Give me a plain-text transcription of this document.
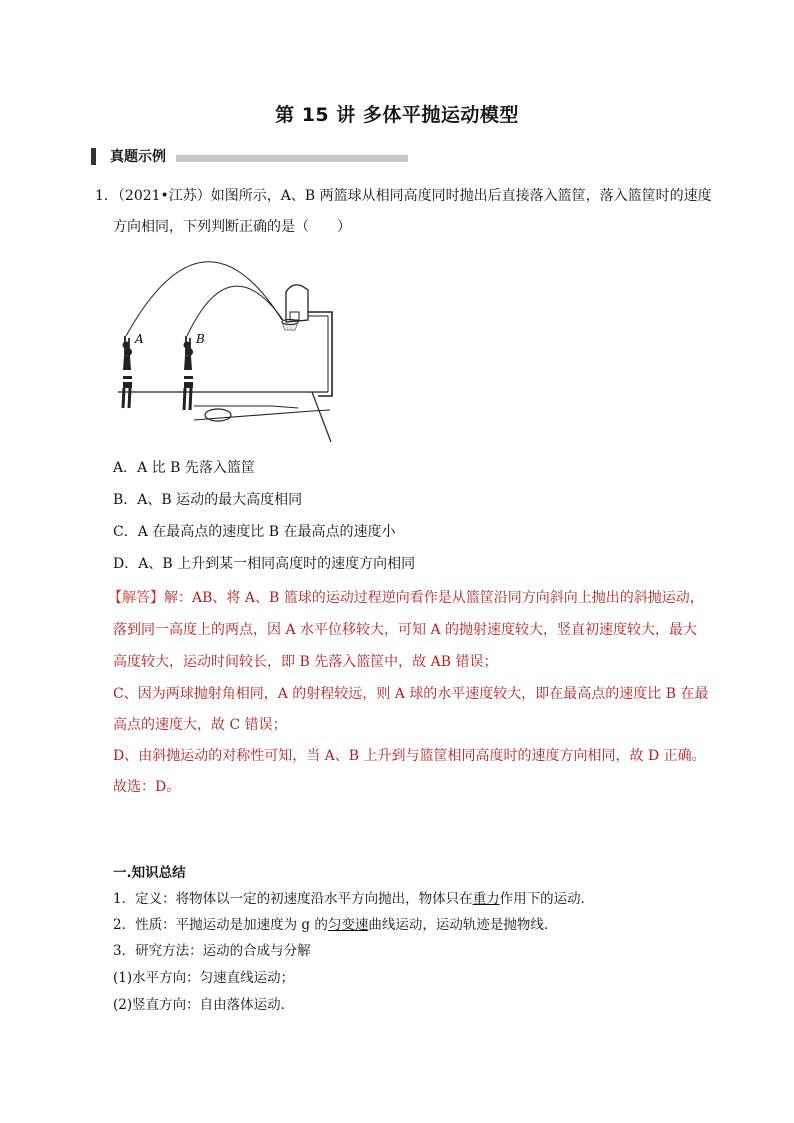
第 15 讲 多体平抛运动模型
真题示例
1．（2021•江苏）如图所示，A、B 两篮球从相同高度同时抛出后直接落入篮筐，落入篮筐时的速度
方向相同，下列判断正确的是（　　）
A	B
A．A 比 B 先落入篮筐
B．A、B 运动的最大高度相同
C．A 在最高点的速度比 B 在最高点的速度小
D．A、B 上升到某一相同高度时的速度方向相同
【解答】解：AB、将 A、B 篮球的运动过程逆向看作是从篮筐沿同方向斜向上抛出的斜抛运动，
落到同一高度上的两点，因 A 水平位移较大，可知 A 的抛射速度较大，竖直初速度较大，最大
高度较大，运动时间较长，即 B 先落入篮筐中，故 AB 错误；
C、因为两球抛射角相同，A 的射程较远，则 A 球的水平速度较大，即在最高点的速度比 B 在最
高点的速度大，故 C 错误；
D、由斜抛运动的对称性可知，当 A、B 上升到与篮筐相同高度时的速度方向相同，故 D 正确。
故选：D。
一.知识总结
1．定义：将物体以一定的初速度沿水平方向抛出，物体只在重力作用下的运动．
2．性质：平抛运动是加速度为 g 的匀变速曲线运动，运动轨迹是抛物线．
3．研究方法：运动的合成与分解
(1)水平方向：匀速直线运动；
(2)竖直方向：自由落体运动．
